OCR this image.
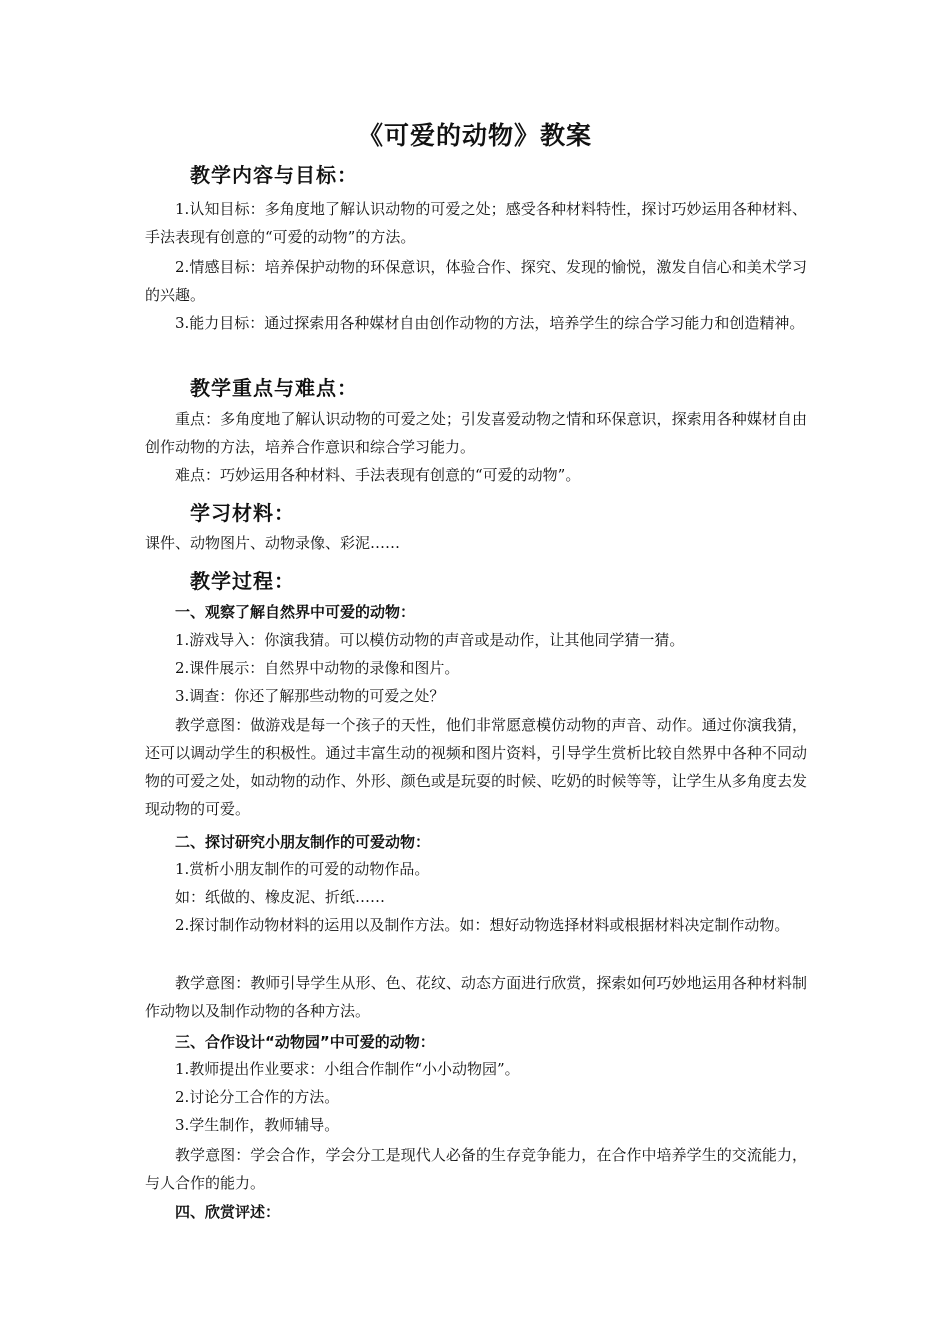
《可爱的动物》教案
教学内容与目标：

1.认知目标：多角度地了解认识动物的可爱之处；感受各种材料特性，探讨巧妙运用各种材料、手法表现有创意的“可爱的动物”的方法。

2.情感目标：培养保护动物的环保意识，体验合作、探究、发现的愉悦，激发自信心和美术学习的兴趣。

3.能力目标：通过探索用各种媒材自由创作动物的方法，培养学生的综合学习能力和创造精神。

教学重点与难点：

重点：多角度地了解认识动物的可爱之处；引发喜爱动物之情和环保意识，探索用各种媒材自由创作动物的方法，培养合作意识和综合学习能力。

难点：巧妙运用各种材料、手法表现有创意的“可爱的动物”。

学习材料：

课件、动物图片、动物录像、彩泥……

教学过程：
一、观察了解自然界中可爱的动物：

1.游戏导入：你演我猜。可以模仿动物的声音或是动作，让其他同学猜一猜。

2.课件展示：自然界中动物的录像和图片。

3.调查：你还了解那些动物的可爱之处？

教学意图：做游戏是每一个孩子的天性，他们非常愿意模仿动物的声音、动作。通过你演我猜，还可以调动学生的积极性。通过丰富生动的视频和图片资料，引导学生赏析比较自然界中各种不同动物的可爱之处，如动物的动作、外形、颜色或是玩耍的时候、吃奶的时候等等，让学生从多角度去发现动物的可爱。

二、探讨研究小朋友制作的可爱动物：

1.赏析小朋友制作的可爱的动物作品。

如：纸做的、橡皮泥、折纸……

2.探讨制作动物材料的运用以及制作方法。如：想好动物选择材料或根据材料决定制作动物。

教学意图：教师引导学生从形、色、花纹、动态方面进行欣赏，探索如何巧妙地运用各种材料制作动物以及制作动物的各种方法。

三、合作设计“动物园”中可爱的动物：

1.教师提出作业要求：小组合作制作“小小动物园”。

2.讨论分工合作的方法。

3.学生制作，教师辅导。

教学意图：学会合作，学会分工是现代人必备的生存竞争能力，在合作中培养学生的交流能力，与人合作的能力。

四、欣赏评述：
